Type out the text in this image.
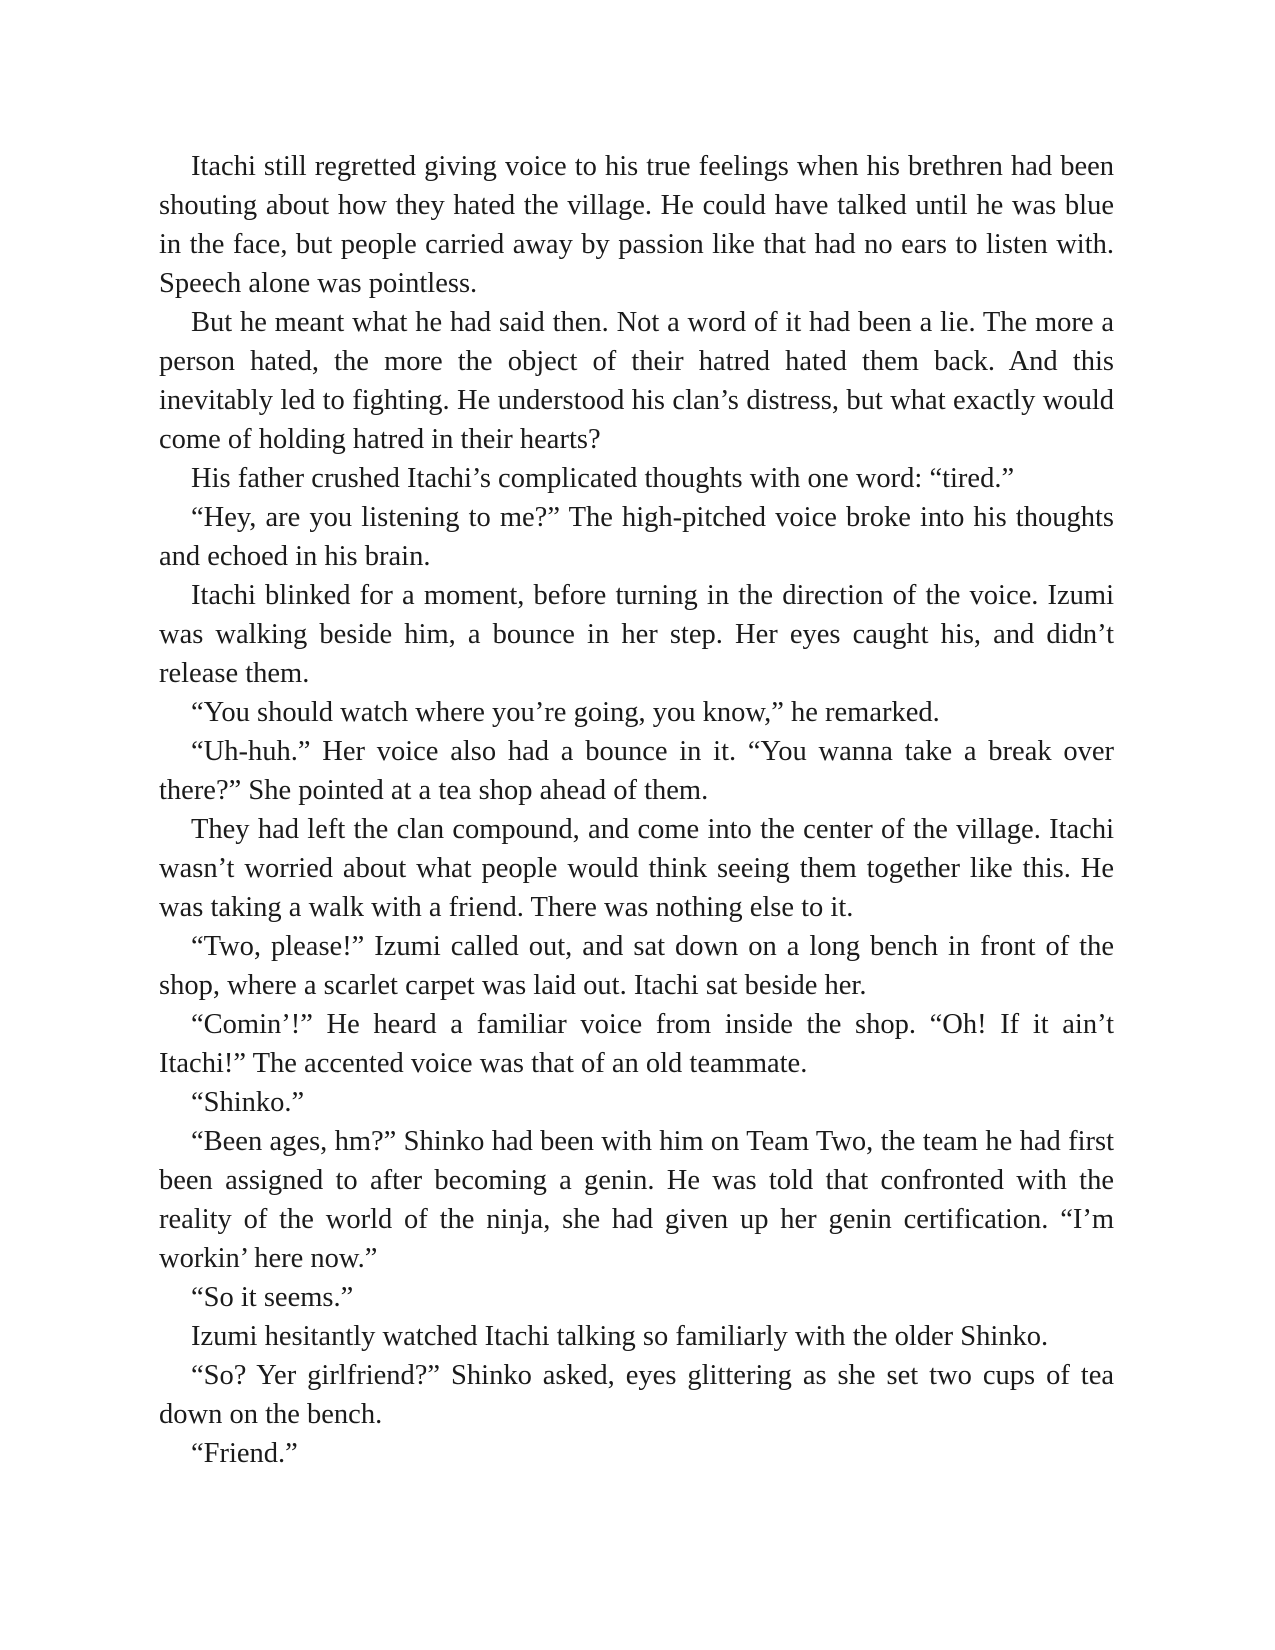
Itachi still regretted giving voice to his true feelings when his brethren had been shouting about how they hated the village. He could have talked until he was blue in the face, but people carried away by passion like that had no ears to listen with. Speech alone was pointless.

But he meant what he had said then. Not a word of it had been a lie. The more a person hated, the more the object of their hatred hated them back. And this inevitably led to fighting. He understood his clan’s distress, but what exactly would come of holding hatred in their hearts?

His father crushed Itachi’s complicated thoughts with one word: “tired.”

“Hey, are you listening to me?” The high-pitched voice broke into his thoughts and echoed in his brain.

Itachi blinked for a moment, before turning in the direction of the voice. Izumi was walking beside him, a bounce in her step. Her eyes caught his, and didn’t release them.

“You should watch where you’re going, you know,” he remarked.

“Uh-huh.” Her voice also had a bounce in it. “You wanna take a break over there?” She pointed at a tea shop ahead of them.

They had left the clan compound, and come into the center of the village. Itachi wasn’t worried about what people would think seeing them together like this. He was taking a walk with a friend. There was nothing else to it.

“Two, please!” Izumi called out, and sat down on a long bench in front of the shop, where a scarlet carpet was laid out. Itachi sat beside her.

“Comin’!” He heard a familiar voice from inside the shop. “Oh! If it ain’t Itachi!” The accented voice was that of an old teammate.

“Shinko.”

“Been ages, hm?” Shinko had been with him on Team Two, the team he had first been assigned to after becoming a genin. He was told that confronted with the reality of the world of the ninja, she had given up her genin certification. “I’m workin’ here now.”

“So it seems.”

Izumi hesitantly watched Itachi talking so familiarly with the older Shinko.

“So? Yer girlfriend?” Shinko asked, eyes glittering as she set two cups of tea down on the bench.

“Friend.”
